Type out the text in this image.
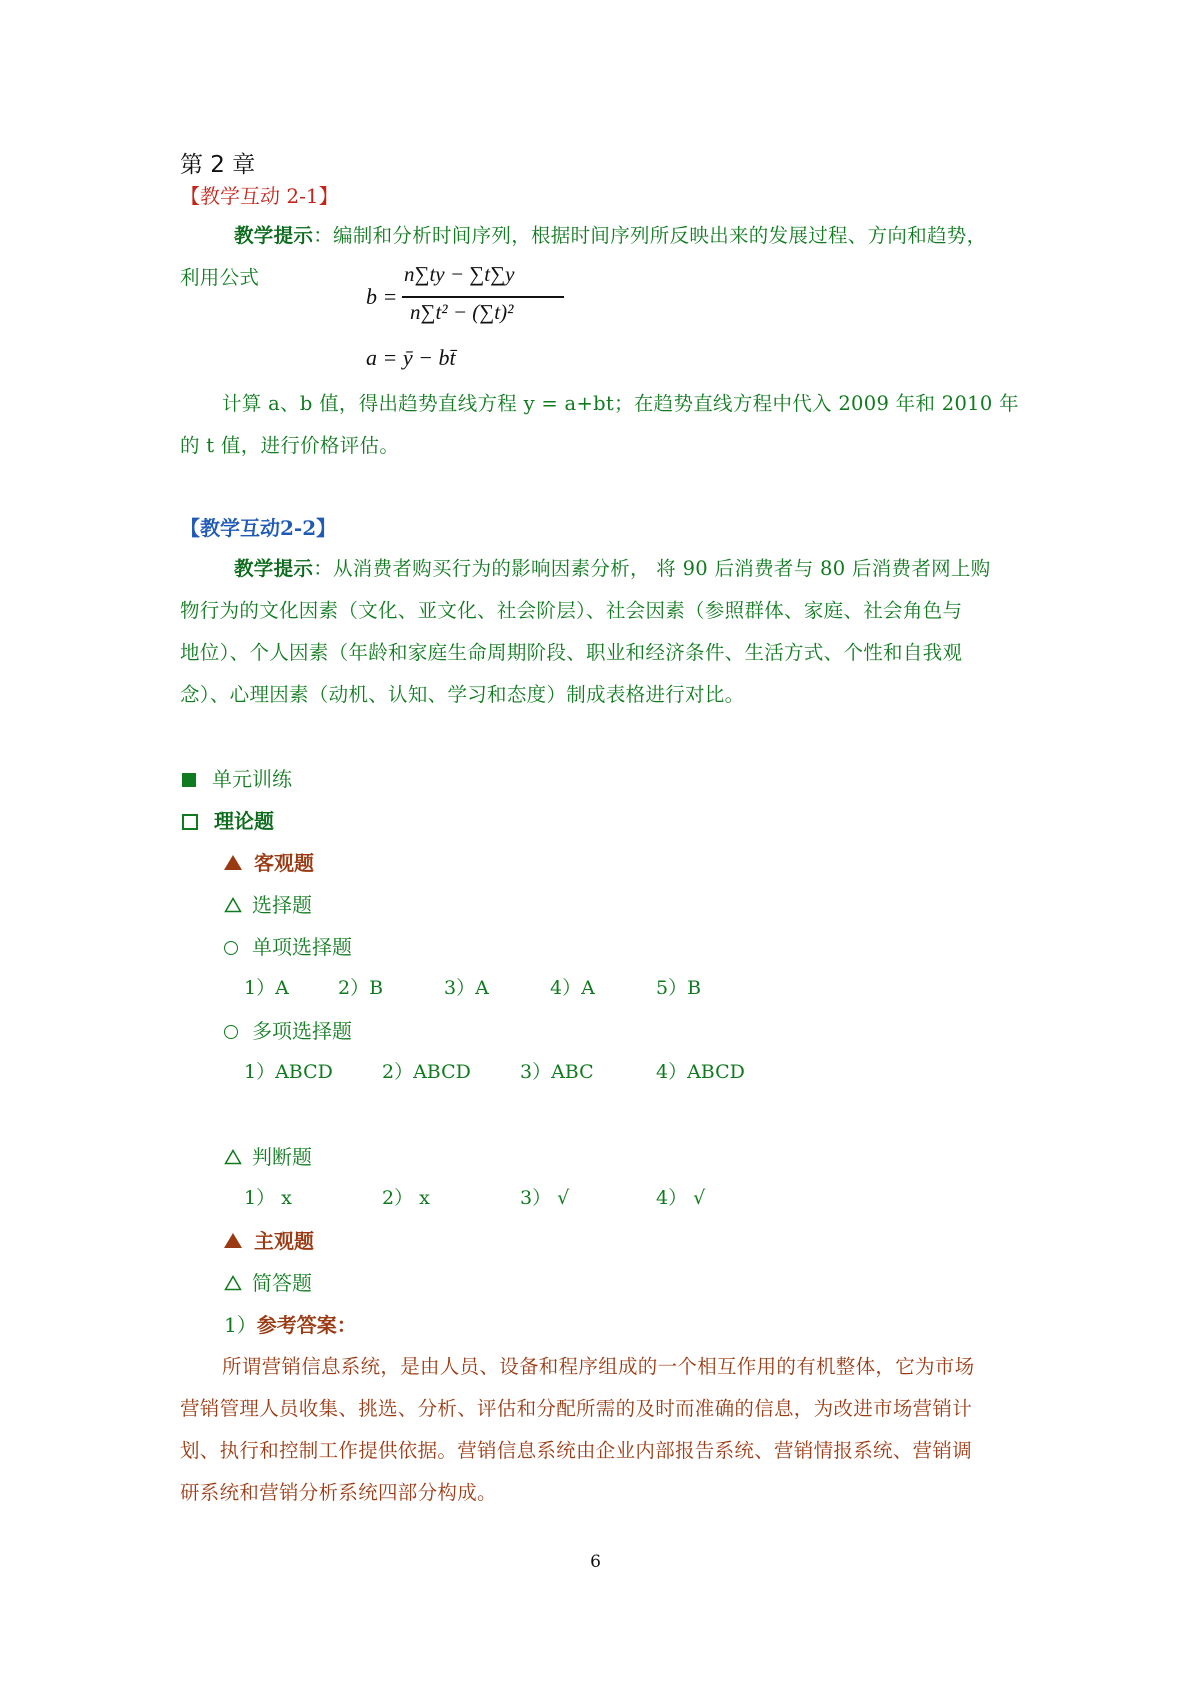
第 2 章
【教学互动 2-1】
教学提示：编制和分析时间序列，根据时间序列所反映出来的发展过程、方向和趋势，
利用公式
b =
n∑ty − ∑t∑y
n∑t² − (∑t)²
a = ȳ − bt̄
计算 a、b 值，得出趋势直线方程 y = a+bt；在趋势直线方程中代入 2009 年和 2010 年
的 t 值，进行价格评估。
【教学互动2-2】
教学提示：从消费者购买行为的影响因素分析， 将 90 后消费者与 80 后消费者网上购
物行为的文化因素（文化、亚文化、社会阶层）、社会因素（参照群体、家庭、社会角色与
地位）、个人因素（年龄和家庭生命周期阶段、职业和经济条件、生活方式、个性和自我观
念）、心理因素（动机、认知、学习和态度）制成表格进行对比。
单元训练
理论题
客观题
选择题
单项选择题
1）A	2）B	3）A	4）A	5）B
多项选择题
1）ABCD	2）ABCD	3）ABC	4）ABCD
判断题
1） x	2） x	3） √	4） √
主观题
简答题
1）参考答案：
所谓营销信息系统，是由人员、设备和程序组成的一个相互作用的有机整体，它为市场
营销管理人员收集、挑选、分析、评估和分配所需的及时而准确的信息，为改进市场营销计
划、执行和控制工作提供依据。营销信息系统由企业内部报告系统、营销情报系统、营销调
研系统和营销分析系统四部分构成。
6
